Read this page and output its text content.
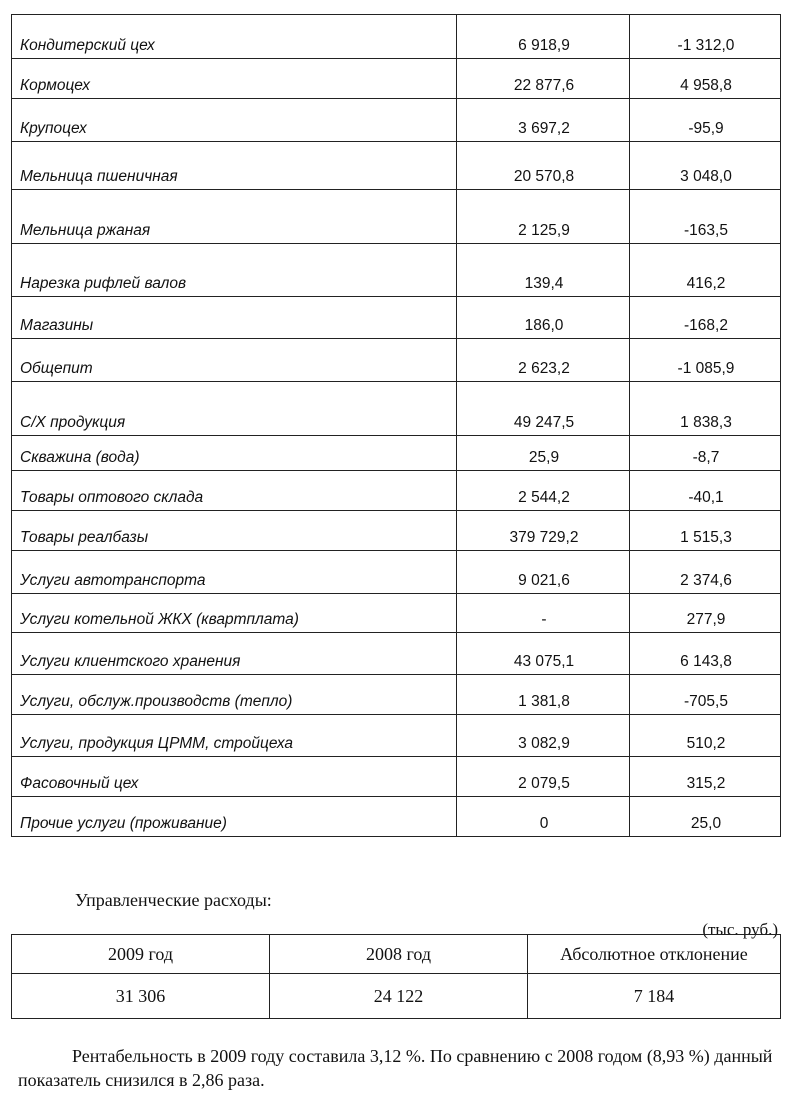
Кондитерский цех	6 918,9	-1 312,0
Кормоцех	22 877,6	4 958,8
Крупоцех	3 697,2	-95,9
Мельница пшеничная	20 570,8	3 048,0
Мельница ржаная	2 125,9	-163,5
Нарезка рифлей валов	139,4	416,2
Магазины	186,0	-168,2
Общепит	2 623,2	-1 085,9
С/Х продукция	49 247,5	1 838,3
Скважина (вода)	25,9	-8,7
Товары оптового склада	2 544,2	-40,1
Товары реалбазы	379 729,2	1 515,3
Услуги автотранспорта	9 021,6	2 374,6
Услуги котельной ЖКХ (квартплата)	-	277,9
Услуги клиентского хранения	43 075,1	6 143,8
Услуги, обслуж.производств (тепло)	1 381,8	-705,5
Услуги, продукция ЦРММ, стройцеха	3 082,9	510,2
Фасовочный цех	2 079,5	315,2
Прочие услуги (проживание)	0	25,0
Управленческие расходы:
(тыс. руб.)
2009 год	2008 год	Абсолютное отклонение
31 306	24 122	7 184
Рентабельность в 2009 году составила 3,12 %. По сравнению с 2008 годом (8,93 %) данный показатель снизился в 2,86 раза.
